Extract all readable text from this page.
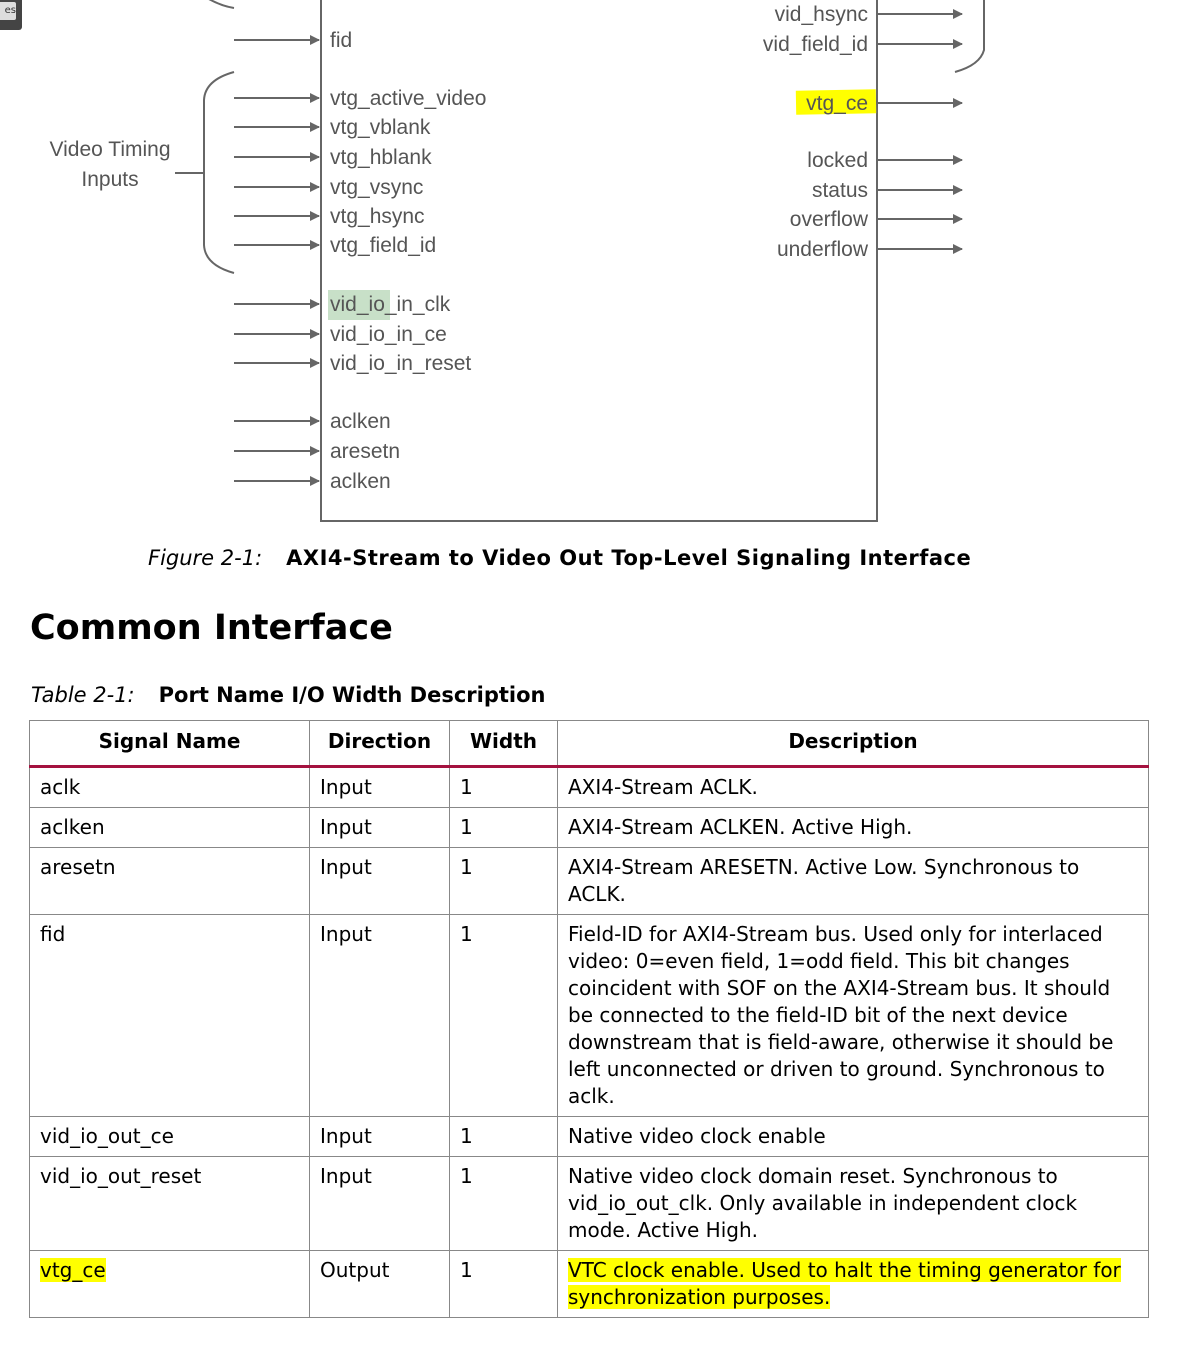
es
Video Timing
Inputs
fid
vtg_active_video
vtg_vblank
vtg_hblank
vtg_vsync
vtg_hsync
vtg_field_id
vid_io_in_clk
vid_io_in_ce
vid_io_in_reset
aclken
aresetn
aclken
vid_hsync
vid_field_id
vtg_ce
locked
status
overflow
underflow
Figure 2-1: AXI4-Stream to Video Out Top-Level Signaling Interface
Common Interface
Table 2-1: Port Name I/O Width Description
Signal Name	Direction	Width	Description
aclk	Input	1	AXI4-Stream ACLK.
aclken	Input	1	AXI4-Stream ACLKEN. Active High.
aresetn	Input	1	AXI4-Stream ARESETN. Active Low. Synchronous to ACLK.
fid	Input	1	Field-ID for AXI4-Stream bus. Used only for interlaced video: 0=even field, 1=odd field. This bit changes coincident with SOF on the AXI4-Stream bus. It should be connected to the field-ID bit of the next device downstream that is field-aware, otherwise it should be left unconnected or driven to ground. Synchronous to aclk.
vid_io_out_ce	Input	1	Native video clock enable
vid_io_out_reset	Input	1	Native video clock domain reset. Synchronous to vid_io_out_clk. Only available in independent clock mode. Active High.
vtg_ce	Output	1	VTC clock enable. Used to halt the timing generator for synchronization purposes.
